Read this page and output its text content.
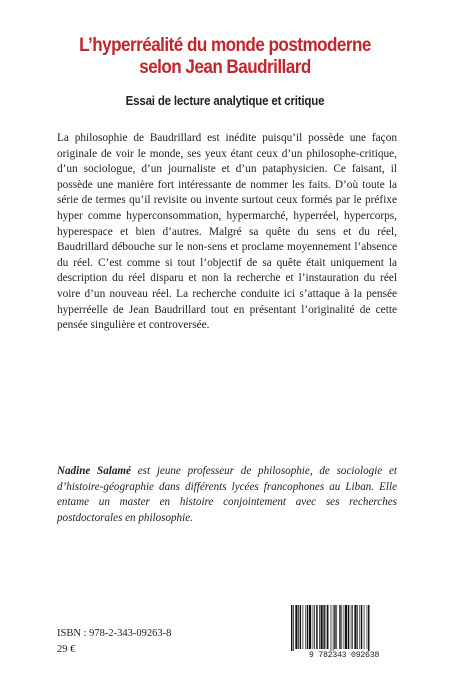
L’hyperréalité du monde postmoderne
selon Jean Baudrillard
Essai de lecture analytique et critique

La philosophie de Baudrillard est inédite puisqu’il possède une façon originale de voir le monde, ses yeux étant ceux d’un philosophe-critique, d’un sociologue, d’un journaliste et d’un pataphysicien. Ce faisant, il possède une manière fort intéressante de nommer les faits. D’où toute la série de termes qu’il revisite ou invente surtout ceux formés par le préfixe hyper comme hyperconsommation, hypermarché, hyperréel, hypercorps, hyperespace et bien d’autres. Malgré sa quête du sens et du réel, Baudrillard débouche sur le non-sens et proclame moyennement l’absence du réel. C’est comme si tout l’objectif de sa quête était uniquement la description du réel disparu et non la recherche et l’instauration du réel voire d’un nouveau réel. La recherche conduite ici s’attaque à la pensée hyperréelle de Jean Baudrillard tout en présentant l’originalité de cette pensée singulière et controversée.

Nadine Salamé est jeune professeur de philosophie, de sociologie et d’histoire-géographie dans différents lycées francophones au Liban. Elle entame un master en histoire conjointement avec ses recherches postdoctorales en philosophie.

ISBN : 978-2-343-09263-8
29 €
9 782343 092638
